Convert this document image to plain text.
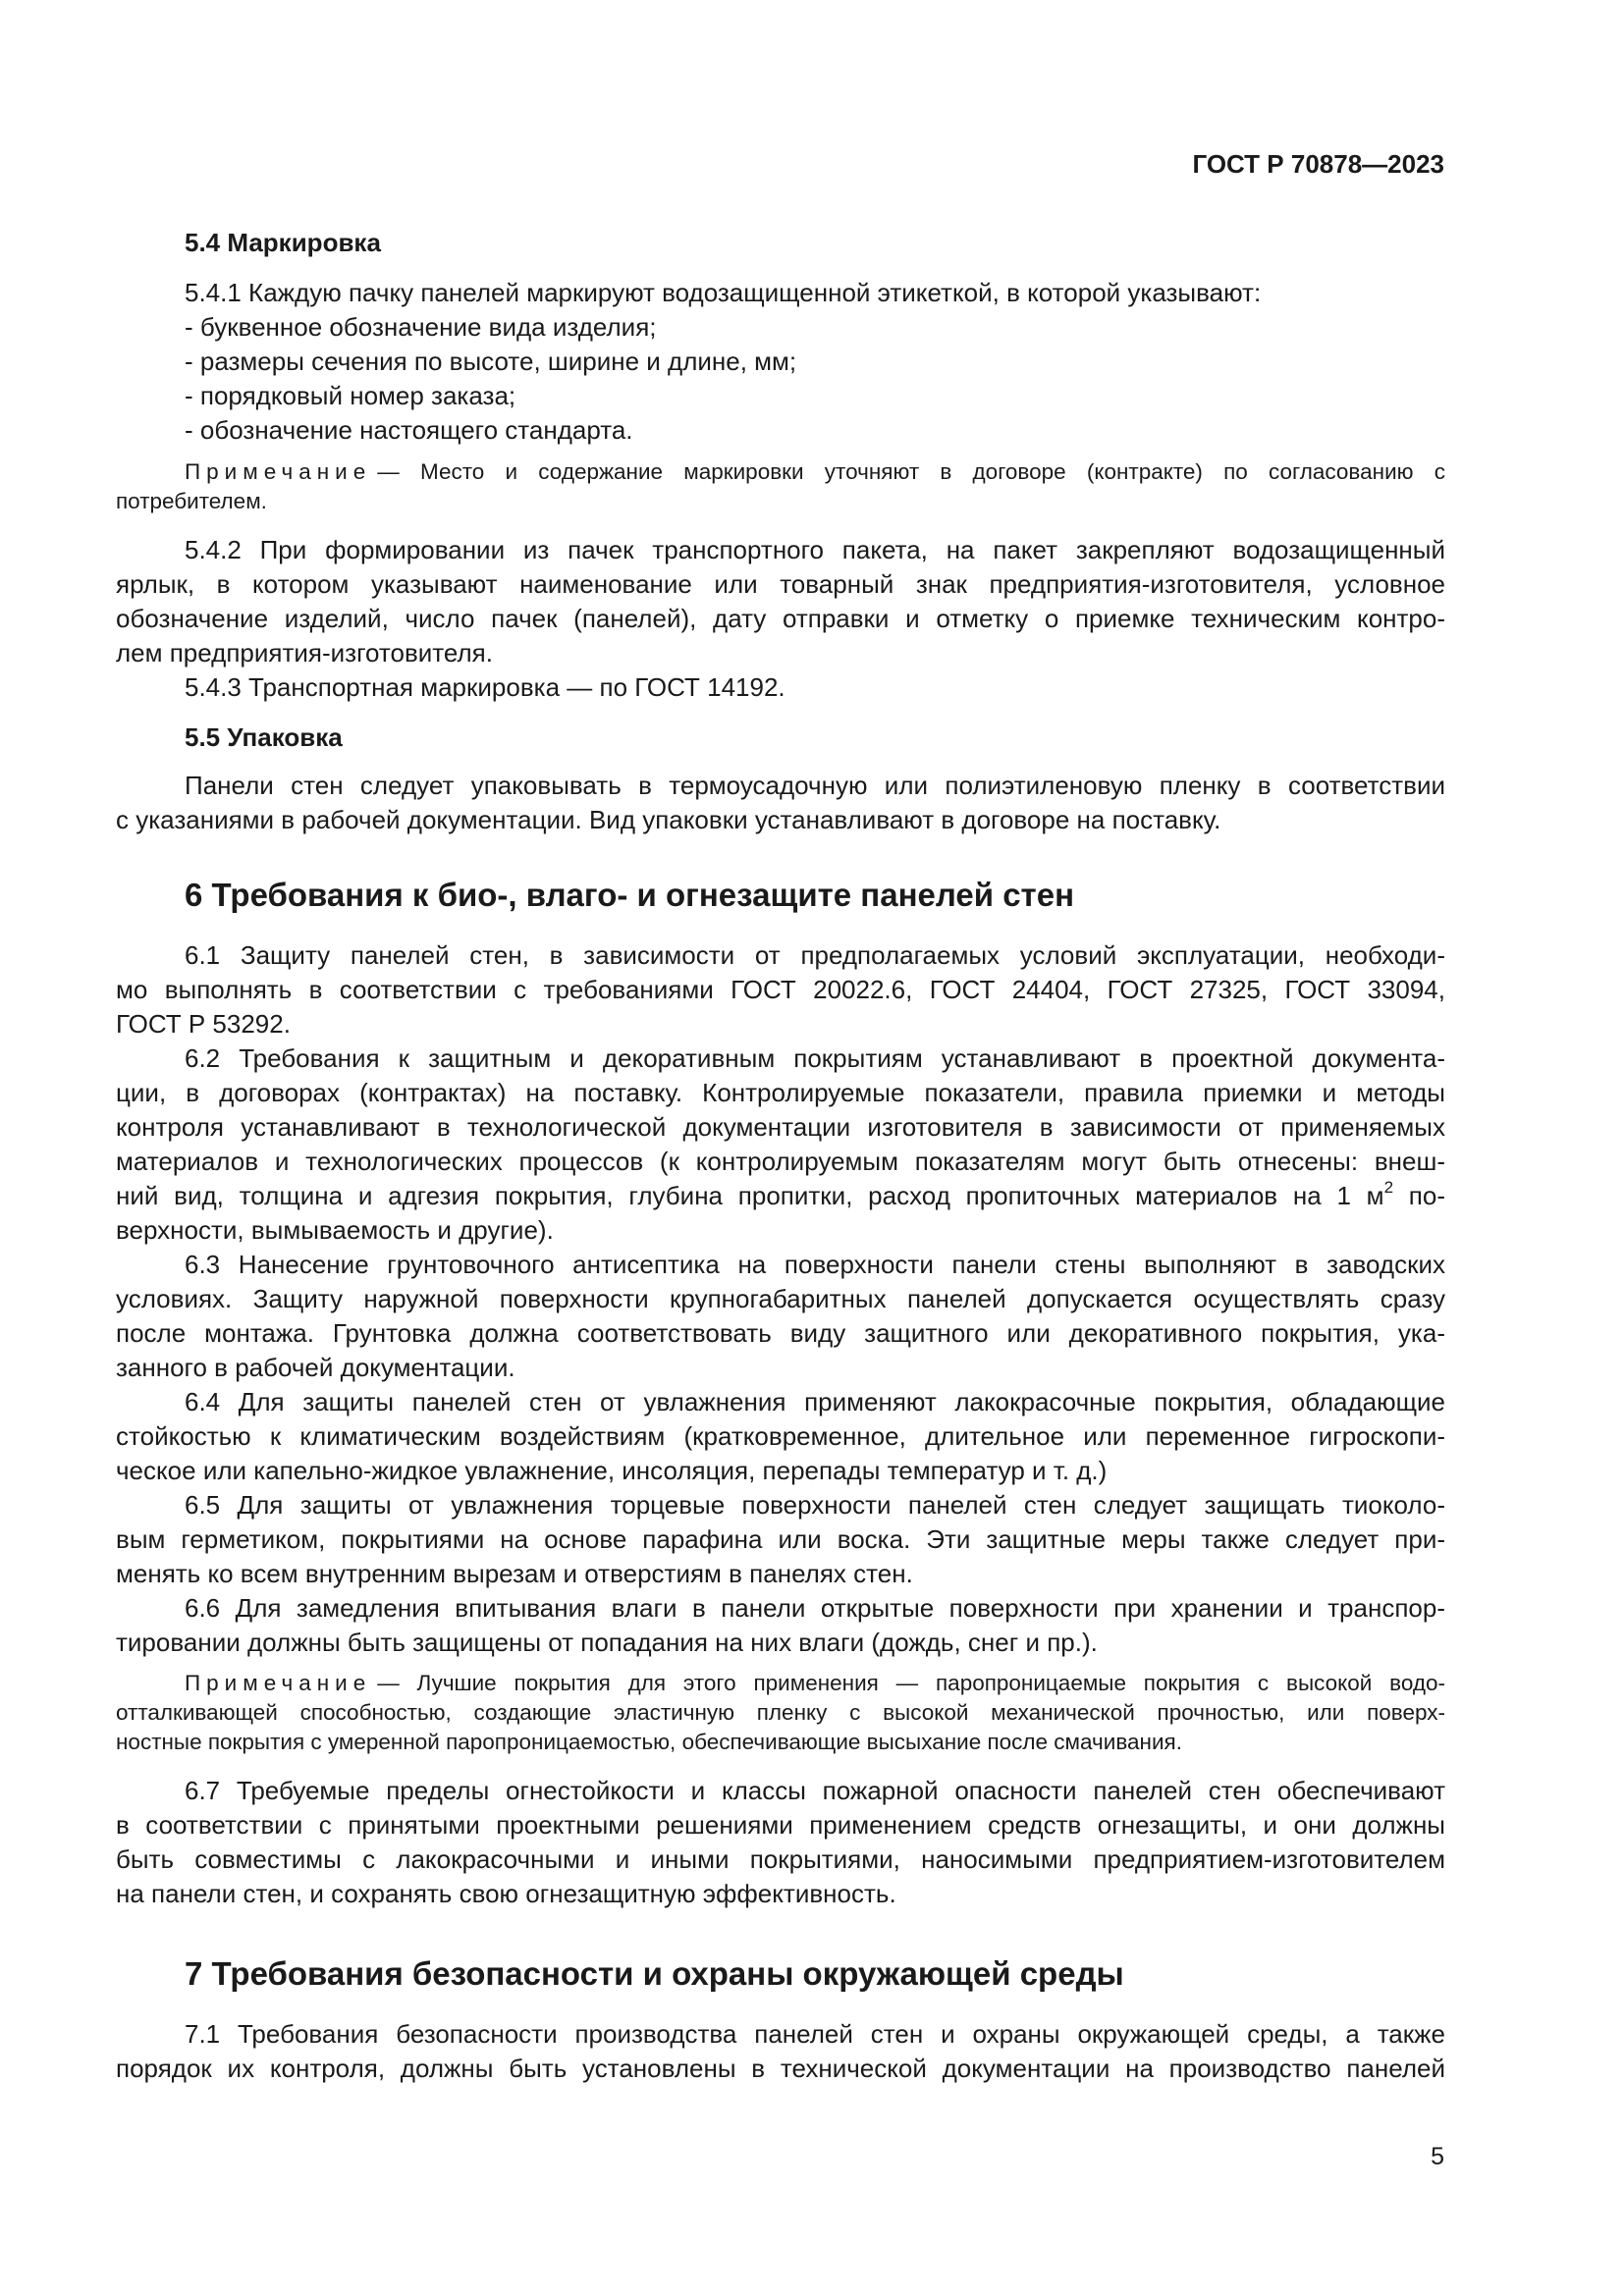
ГОСТ Р 70878—2023
5.4 Маркировка
5.4.1 Каждую пачку панелей маркируют водозащищенной этикеткой, в которой указывают:
- буквенное обозначение вида изделия;
- размеры сечения по высоте, ширине и длине, мм;
- порядковый номер заказа;
- обозначение настоящего стандарта.
Примечание — Место и содержание маркировки уточняют в договоре (контракте) по согласованию с
потребителем.
5.4.2 При формировании из пачек транспортного пакета, на пакет закрепляют водозащищенный
ярлык, в котором указывают наименование или товарный знак предприятия-изготовителя, условное
обозначение изделий, число пачек (панелей), дату отправки и отметку о приемке техническим контро-
лем предприятия-изготовителя.
5.4.3 Транспортная маркировка — по ГОСТ 14192.
5.5 Упаковка
Панели стен следует упаковывать в термоусадочную или полиэтиленовую пленку в соответствии
с указаниями в рабочей документации. Вид упаковки устанавливают в договоре на поставку.
6 Требования к био-, влаго- и огнезащите панелей стен
6.1 Защиту панелей стен, в зависимости от предполагаемых условий эксплуатации, необходи-
мо выполнять в соответствии с требованиями ГОСТ 20022.6, ГОСТ 24404, ГОСТ 27325, ГОСТ 33094,
ГОСТ Р 53292.
6.2 Требования к защитным и декоративным покрытиям устанавливают в проектной документа-
ции, в договорах (контрактах) на поставку. Контролируемые показатели, правила приемки и методы
контроля устанавливают в технологической документации изготовителя в зависимости от применяемых
материалов и технологических процессов (к контролируемым показателям могут быть отнесены: внеш-
ний вид, толщина и адгезия покрытия, глубина пропитки, расход пропиточных материалов на 1 $м^2$ по-
верхности, вымываемость и другие).
6.3 Нанесение грунтовочного антисептика на поверхности панели стены выполняют в заводских
условиях. Защиту наружной поверхности крупногабаритных панелей допускается осуществлять сразу
после монтажа. Грунтовка должна соответствовать виду защитного или декоративного покрытия, ука-
занного в рабочей документации.
6.4 Для защиты панелей стен от увлажнения применяют лакокрасочные покрытия, обладающие
стойкостью к климатическим воздействиям (кратковременное, длительное или переменное гигроскопи-
ческое или капельно-жидкое увлажнение, инсоляция, перепады температур и т. д.)
6.5 Для защиты от увлажнения торцевые поверхности панелей стен следует защищать тиоколо-
вым герметиком, покрытиями на основе парафина или воска. Эти защитные меры также следует при-
менять ко всем внутренним вырезам и отверстиям в панелях стен.
6.6 Для замедления впитывания влаги в панели открытые поверхности при хранении и транспор-
тировании должны быть защищены от попадания на них влаги (дождь, снег и пр.).
Примечание — Лучшие покрытия для этого применения — паропроницаемые покрытия с высокой водо-
отталкивающей способностью, создающие эластичную пленку с высокой механической прочностью, или поверх-
ностные покрытия с умеренной паропроницаемостью, обеспечивающие высыхание после смачивания.
6.7 Требуемые пределы огнестойкости и классы пожарной опасности панелей стен обеспечивают
в соответствии с принятыми проектными решениями применением средств огнезащиты, и они должны
быть совместимы с лакокрасочными и иными покрытиями, наносимыми предприятием-изготовителем
на панели стен, и сохранять свою огнезащитную эффективность.
7 Требования безопасности и охраны окружающей среды
7.1 Требования безопасности производства панелей стен и охраны окружающей среды, а также
порядок их контроля, должны быть установлены в технической документации на производство панелей
5
